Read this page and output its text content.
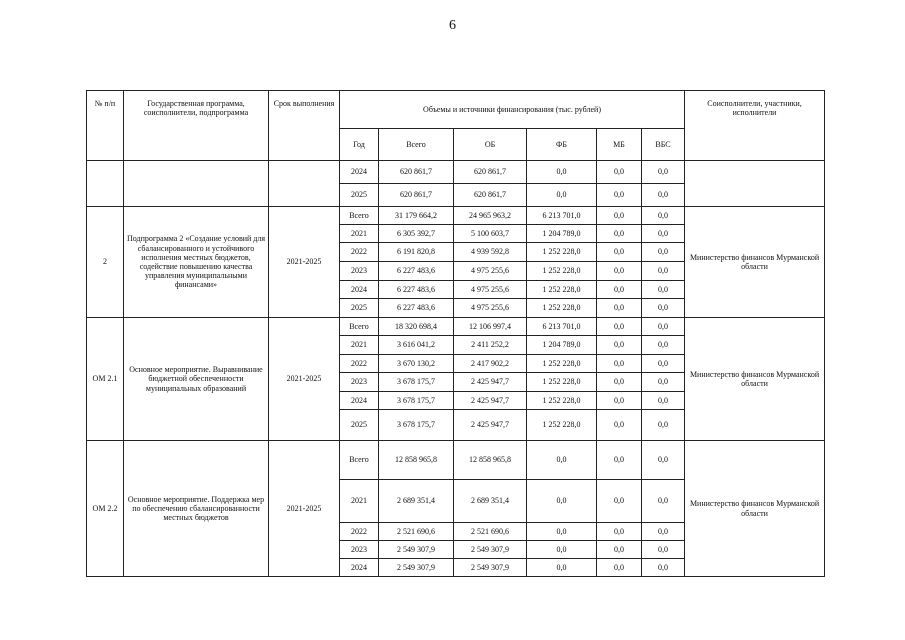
6
№ п/п	Государственная программа, соисполнители, подпрограмма	Срок выполнения	Объемы и источники финансирования (тыс. рублей)						Соисполнители, участники, исполнители
			Год	Всего	ОБ	ФБ	МБ	ВБС	
			2024	620 861,7	620 861,7	0,0	0,0	0,0	
			2025	620 861,7	620 861,7	0,0	0,0	0,0	
2	Подпрограмма 2 «Создание условий для сбалансированного и устойчивого исполнения местных бюджетов, содействие повышению качества управления муниципальными финансами»	2021-2025	Всего	31 179 664,2	24 965 963,2	6 213 701,0	0,0	0,0	Министерство финансов Мурманской области
			2021	6 305 392,7	5 100 603,7	1 204 789,0	0,0	0,0	
			2022	6 191 820,8	4 939 592,8	1 252 228,0	0,0	0,0	
			2023	6 227 483,6	4 975 255,6	1 252 228,0	0,0	0,0	
			2024	6 227 483,6	4 975 255,6	1 252 228,0	0,0	0,0	
			2025	6 227 483,6	4 975 255,6	1 252 228,0	0,0	0,0	
ОМ 2.1	Основное мероприятие. Выравнивание бюджетной обеспеченности муниципальных образований	2021-2025	Всего	18 320 698,4	12 106 997,4	6 213 701,0	0,0	0,0	Министерство финансов Мурманской области
			2021	3 616 041,2	2 411 252,2	1 204 789,0	0,0	0,0	
			2022	3 670 130,2	2 417 902,2	1 252 228,0	0,0	0,0	
			2023	3 678 175,7	2 425 947,7	1 252 228,0	0,0	0,0	
			2024	3 678 175,7	2 425 947,7	1 252 228,0	0,0	0,0	
			2025	3 678 175,7	2 425 947,7	1 252 228,0	0,0	0,0	
ОМ 2.2	Основное мероприятие. Поддержка мер по обеспечению сбалансированности местных бюджетов	2021-2025	Всего	12 858 965,8	12 858 965,8	0,0	0,0	0,0	Министерство финансов Мурманской области
			2021	2 689 351,4	2 689 351,4	0,0	0,0	0,0	
			2022	2 521 690,6	2 521 690,6	0,0	0,0	0,0	
			2023	2 549 307,9	2 549 307,9	0,0	0,0	0,0	
			2024	2 549 307,9	2 549 307,9	0,0	0,0	0,0	
